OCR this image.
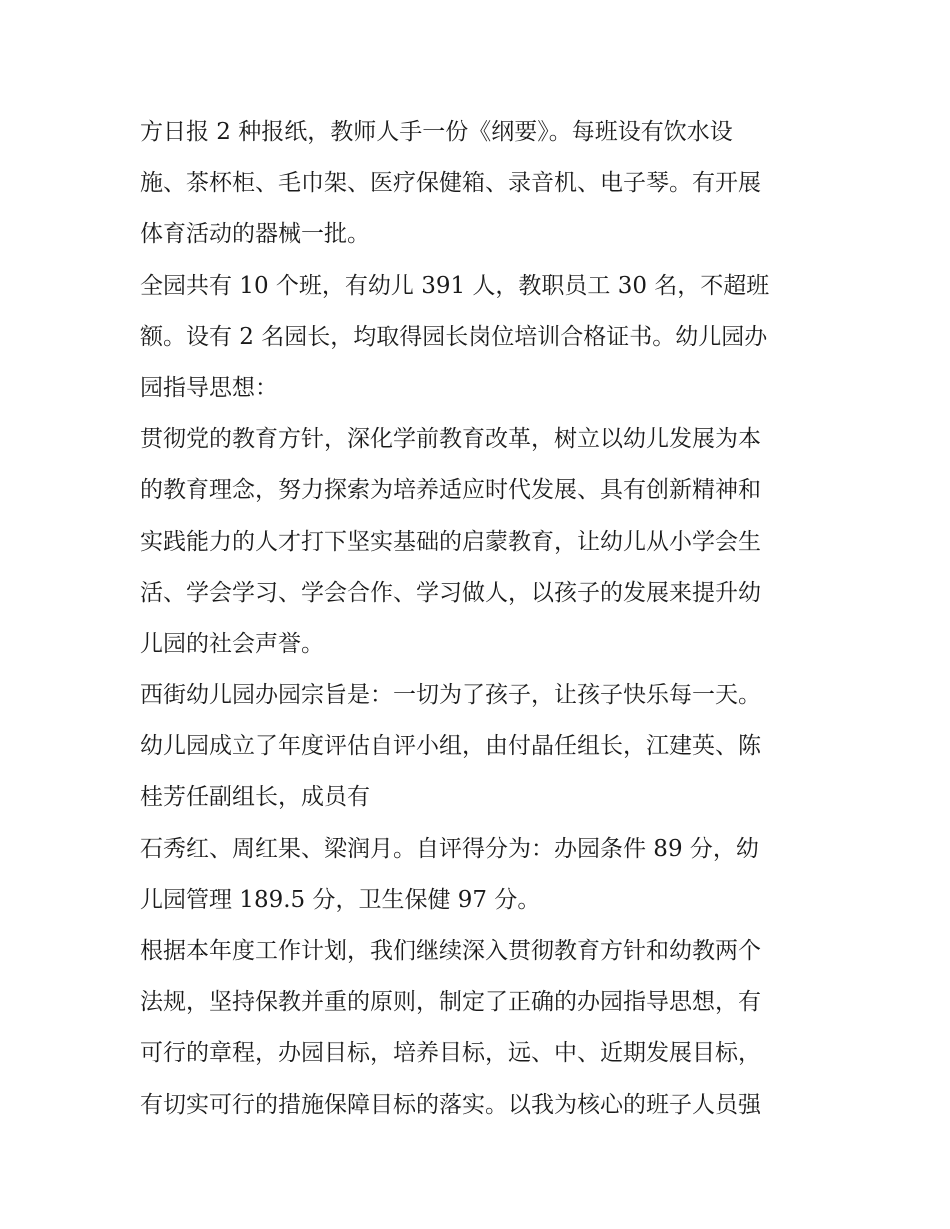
方日报 2 种报纸，教师人手一份《纲要》。每班设有饮水设
施、茶杯柜、毛巾架、医疗保健箱、录音机、电子琴。有开展
体育活动的器械一批。
全园共有 10 个班，有幼儿 391 人，教职员工 30 名，不超班
额。设有 2 名园长，均取得园长岗位培训合格证书。幼儿园办
园指导思想：
贯彻党的教育方针，深化学前教育改革，树立以幼儿发展为本
的教育理念，努力探索为培养适应时代发展、具有创新精神和
实践能力的人才打下坚实基础的启蒙教育，让幼儿从小学会生
活、学会学习、学会合作、学习做人，以孩子的发展来提升幼
儿园的社会声誉。
西街幼儿园办园宗旨是：一切为了孩子，让孩子快乐每一天。
幼儿园成立了年度评估自评小组，由付晶任组长，江建英、陈
桂芳任副组长，成员有
石秀红、周红果、梁润月。自评得分为：办园条件 89 分，幼
儿园管理 189.5 分，卫生保健 97 分。
根据本年度工作计划，我们继续深入贯彻教育方针和幼教两个
法规，坚持保教并重的原则，制定了正确的办园指导思想，有
可行的章程，办园目标，培养目标，远、中、近期发展目标，
有切实可行的措施保障目标的落实。以我为核心的班子人员强
